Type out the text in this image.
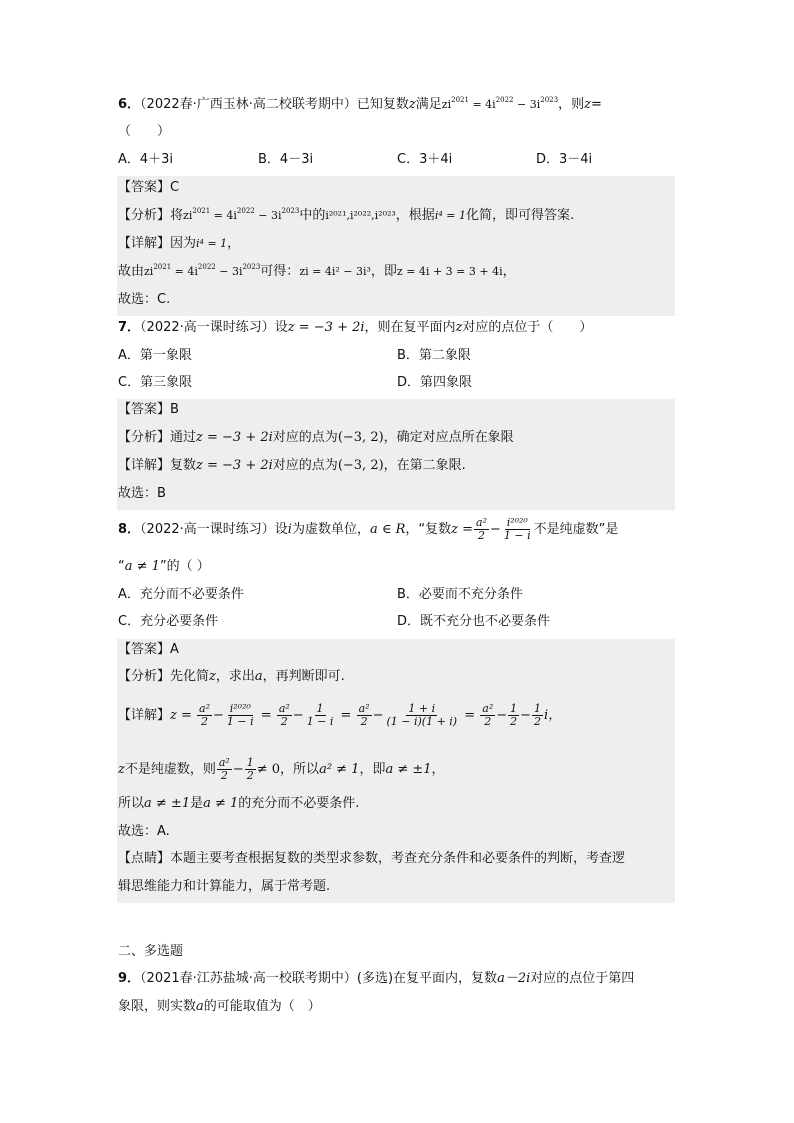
6．（2022春·广西玉林·高二校联考期中）已知复数z满足$zi^{2021} = 4i^{2022} - 3i^{2023}$，则z=
（　　）
A．4＋3i	B．4－3i	C．3＋4i	D．3－4i
【答案】C
【分析】将$zi^{2021} = 4i^{2022} - 3i^{2023}$中的i²⁰²¹,i²⁰²²,i²⁰²³，根据i⁴ = 1化简，即可得答案.
【详解】因为i⁴ = 1，
故由$zi^{2021} = 4i^{2022} - 3i^{2023}$可得：zi = 4i² − 3i³，即z = 4i + 3 = 3 + 4i，
故选：C.
7．（2022·高一课时练习）设z = −3 + 2i，则在复平面内z对应的点位于（　　）
A．第一象限	B．第二象限
C．第三象限	D．第四象限
【答案】B
【分析】通过z = −3 + 2i对应的点为(−3, 2)，确定对应点所在象限
【详解】复数z = −3 + 2i对应的点为(−3, 2)，在第二象限.
故选：B
8．（2022·高一课时练习）设i为虚数单位，a ∈ R，“复数$z = \frac{\text{a²}}{2} - \frac{\text{i²⁰²⁰}}{1 - i}$ 不是纯虚数”是
“a ≠ 1”的（ ）
A．充分而不必要条件	B．必要而不充分条件
C．充分必要条件	D．既不充分也不必要条件
【答案】A
【分析】先化简z，求出a，再判断即可.
【详解】$z = \frac{\text{a²}}{2} - \frac{\text{i²⁰²⁰}}{1 - i} = \frac{\text{a²}}{2} - \frac{1}{1 - i} = \frac{\text{a²}}{2} - \frac{1 + i}{(1 - i)(1 + i)} = \frac{\text{a²}}{2} - \frac{1}{2} - \frac{1}{2}$ i，
z不是纯虚数，则 $\frac{\text{a²}}{2} - \frac{1}{2} \ne 0$，所以a² ≠ 1，即a ≠ ±1，
所以a ≠ ±1是a ≠ 1的充分而不必要条件.
故选：A.
【点睛】本题主要考查根据复数的类型求参数，考查充分条件和必要条件的判断，考查逻
辑思维能力和计算能力，属于常考题.
二、多选题
9．（2021春·江苏盐城·高一校联考期中）(多选)在复平面内，复数a－2i对应的点位于第四
象限，则实数a的可能取值为（　）
